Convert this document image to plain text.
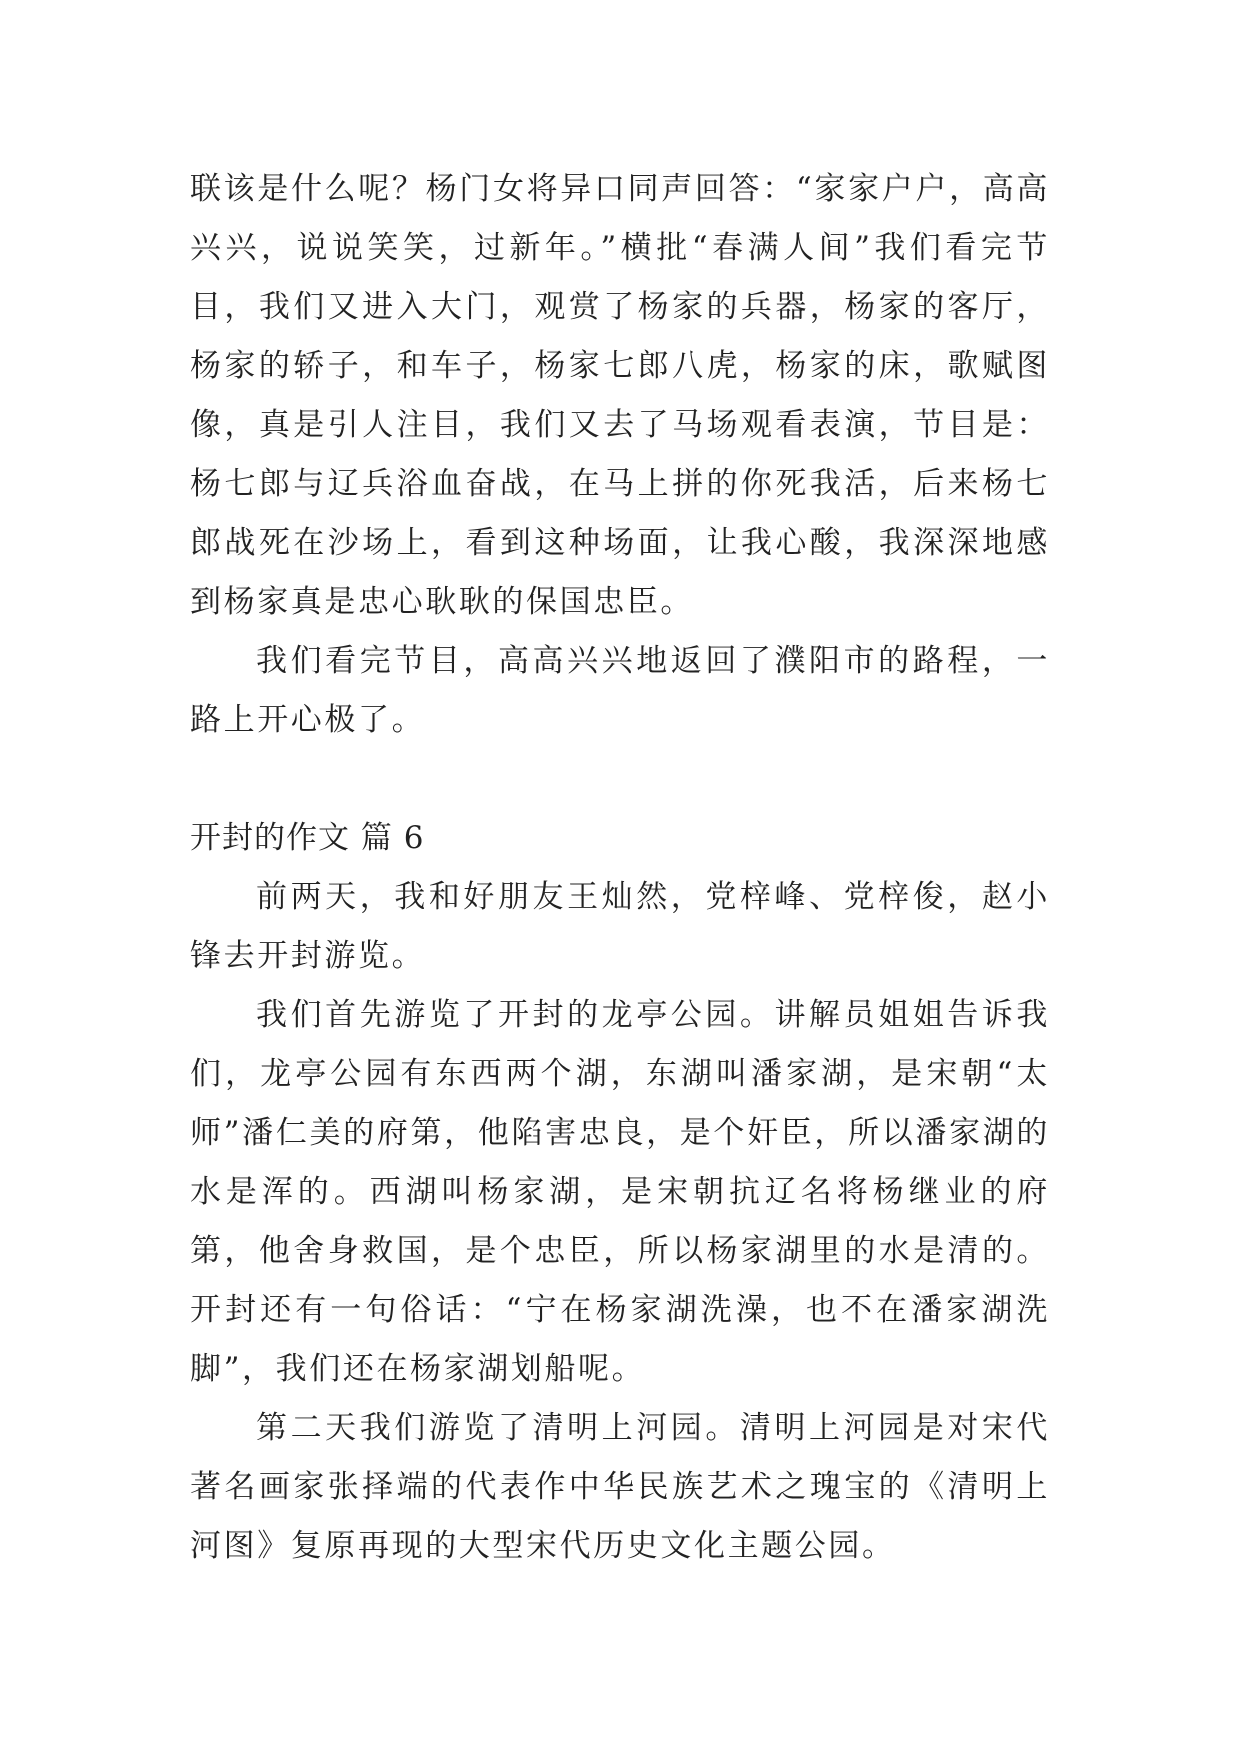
联该是什么呢？杨门女将异口同声回答：“家家户户，高高兴兴，说说笑笑，过新年。”横批“春满人间”我们看完节目，我们又进入大门，观赏了杨家的兵器，杨家的客厅，杨家的轿子，和车子，杨家七郎八虎，杨家的床，歌赋图像，真是引人注目，我们又去了马场观看表演，节目是：杨七郎与辽兵浴血奋战，在马上拼的你死我活，后来杨七郎战死在沙场上，看到这种场面，让我心酸，我深深地感到杨家真是忠心耿耿的保国忠臣。

我们看完节目，高高兴兴地返回了濮阳市的路程，一路上开心极了。

开封的作文 篇 6

前两天，我和好朋友王灿然，党梓峰、党梓俊，赵小锋去开封游览。

我们首先游览了开封的龙亭公园。讲解员姐姐告诉我们，龙亭公园有东西两个湖，东湖叫潘家湖，是宋朝“太师”潘仁美的府第，他陷害忠良，是个奸臣，所以潘家湖的水是浑的。西湖叫杨家湖，是宋朝抗辽名将杨继业的府第，他舍身救国，是个忠臣，所以杨家湖里的水是清的。开封还有一句俗话：“宁在杨家湖洗澡，也不在潘家湖洗脚”，我们还在杨家湖划船呢。

第二天我们游览了清明上河园。清明上河园是对宋代著名画家张择端的代表作中华民族艺术之瑰宝的《清明上河图》复原再现的大型宋代历史文化主题公园。
